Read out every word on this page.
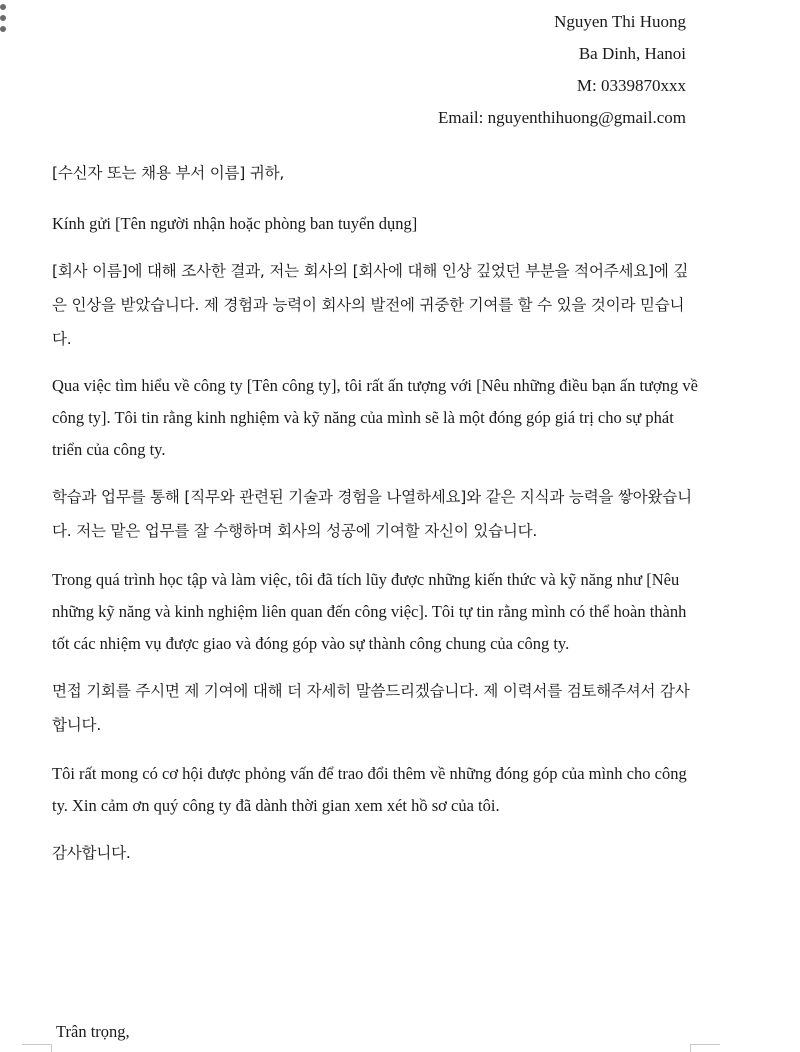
Nguyen Thi Huong
Ba Dinh, Hanoi
M: 0339870xxx
Email: nguyenthihuong@gmail.com

[수신자 또는 채용 부서 이름] 귀하,

Kính gửi [Tên người nhận hoặc phòng ban tuyển dụng]

[회사 이름]에 대해 조사한 결과, 저는 회사의 [회사에 대해 인상 깊었던 부분을 적어주세요]에 깊은 인상을 받았습니다. 제 경험과 능력이 회사의 발전에 귀중한 기여를 할 수 있을 것이라 믿습니다.

Qua việc tìm hiểu về công ty [Tên công ty], tôi rất ấn tượng với [Nêu những điều bạn ấn tượng về công ty]. Tôi tin rằng kinh nghiệm và kỹ năng của mình sẽ là một đóng góp giá trị cho sự phát triển của công ty.

학습과 업무를 통해 [직무와 관련된 기술과 경험을 나열하세요]와 같은 지식과 능력을 쌓아왔습니다. 저는 맡은 업무를 잘 수행하며 회사의 성공에 기여할 자신이 있습니다.

Trong quá trình học tập và làm việc, tôi đã tích lũy được những kiến thức và kỹ năng như [Nêu những kỹ năng và kinh nghiệm liên quan đến công việc]. Tôi tự tin rằng mình có thể hoàn thành tốt các nhiệm vụ được giao và đóng góp vào sự thành công chung của công ty.

면접 기회를 주시면 제 기여에 대해 더 자세히 말씀드리겠습니다. 제 이력서를 검토해주셔서 감사합니다.

Tôi rất mong có cơ hội được phỏng vấn để trao đổi thêm về những đóng góp của mình cho công ty. Xin cảm ơn quý công ty đã dành thời gian xem xét hồ sơ của tôi.

감사합니다.

Trân trọng,
